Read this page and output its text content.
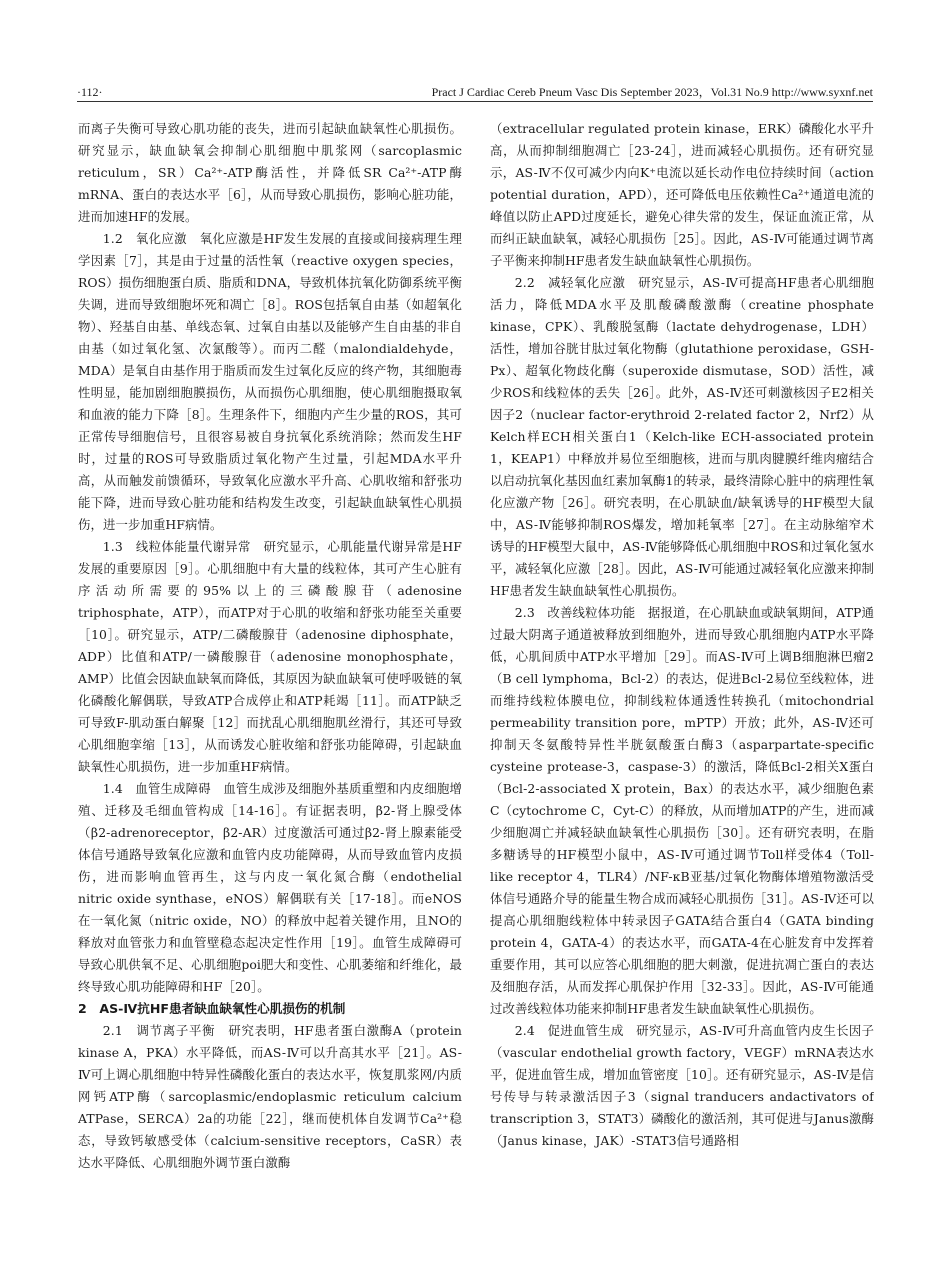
·112·	Pract J Cardiac Cereb Pneum Vasc Dis September 2023，Vol.31 No.9 http://www.syxnf.net

而离子失衡可导致心肌功能的丧失，进而引起缺血缺氧性心肌损伤。研究显示，缺血缺氧会抑制心肌细胞中肌浆网（sarcoplasmic reticulum，SR）Ca²⁺-ATP酶活性，并降低SR Ca²⁺-ATP酶mRNA、蛋白的表达水平［6］，从而导致心肌损伤，影响心脏功能，进而加速HF的发展。

1.2　氧化应激　氧化应激是HF发生发展的直接或间接病理生理学因素［7］，其是由于过量的活性氧（reactive oxygen species，ROS）损伤细胞蛋白质、脂质和DNA，导致机体抗氧化防御系统平衡失调，进而导致细胞坏死和凋亡［8］。ROS包括氧自由基（如超氧化物）、羟基自由基、单线态氧、过氧自由基以及能够产生自由基的非自由基（如过氧化氢、次氯酸等）。而丙二醛（malondialdehyde，MDA）是氧自由基作用于脂质而发生过氧化反应的终产物，其细胞毒性明显，能加剧细胞膜损伤，从而损伤心肌细胞，使心肌细胞摄取氧和血液的能力下降［8］。生理条件下，细胞内产生少量的ROS，其可正常传导细胞信号，且很容易被自身抗氧化系统消除；然而发生HF时，过量的ROS可导致脂质过氧化物产生过量，引起MDA水平升高，从而触发前馈循环，导致氧化应激水平升高、心肌收缩和舒张功能下降，进而导致心脏功能和结构发生改变，引起缺血缺氧性心肌损伤，进一步加重HF病情。

1.3　线粒体能量代谢异常　研究显示，心肌能量代谢异常是HF发展的重要原因［9］。心肌细胞中有大量的线粒体，其可产生心脏有序活动所需要的95%以上的三磷酸腺苷（adenosine triphosphate，ATP），而ATP对于心肌的收缩和舒张功能至关重要［10］。研究显示，ATP/二磷酸腺苷（adenosine diphosphate，ADP）比值和ATP/一磷酸腺苷（adenosine monophosphate，AMP）比值会因缺血缺氧而降低，其原因为缺血缺氧可使呼吸链的氧化磷酸化解偶联，导致ATP合成停止和ATP耗竭［11］。而ATP缺乏可导致F-肌动蛋白解聚［12］而扰乱心肌细胞肌丝滑行，其还可导致心肌细胞挛缩［13］，从而诱发心脏收缩和舒张功能障碍，引起缺血缺氧性心肌损伤，进一步加重HF病情。

1.4　血管生成障碍　血管生成涉及细胞外基质重塑和内皮细胞增殖、迁移及毛细血管构成［14-16］。有证据表明，β2-肾上腺受体（β2-adrenoreceptor，β2-AR）过度激活可通过β2-肾上腺素能受体信号通路导致氧化应激和血管内皮功能障碍，从而导致血管内皮损伤，进而影响血管再生，这与内皮一氧化氮合酶（endothelial nitric oxide synthase，eNOS）解偶联有关［17-18］。而eNOS在一氧化氮（nitric oxide，NO）的释放中起着关键作用，且NO的释放对血管张力和血管壁稳态起决定性作用［19］。血管生成障碍可导致心肌供氧不足、心肌细胞poi肥大和变性、心肌萎缩和纤维化，最终导致心肌功能障碍和HF［20］。

2　AS-Ⅳ抗HF患者缺血缺氧性心肌损伤的机制

2.1　调节离子平衡　研究表明，HF患者蛋白激酶A（protein kinase A，PKA）水平降低，而AS-Ⅳ可以升高其水平［21］。AS-Ⅳ可上调心肌细胞中特异性磷酸化蛋白的表达水平，恢复肌浆网/内质网钙ATP酶（sarcoplasmic/endoplasmic reticulum calcium ATPase，SERCA）2a的功能［22］，继而使机体自发调节Ca²⁺稳态，导致钙敏感受体（calcium-sensitive receptors，CaSR）表达水平降低、心肌细胞外调节蛋白激酶

（extracellular regulated protein kinase，ERK）磷酸化水平升高，从而抑制细胞凋亡［23-24］，进而减轻心肌损伤。还有研究显示，AS-Ⅳ不仅可减少内向K⁺电流以延长动作电位持续时间（action potential duration，APD），还可降低电压依赖性Ca²⁺通道电流的峰值以防止APD过度延长，避免心律失常的发生，保证血流正常，从而纠正缺血缺氧，减轻心肌损伤［25］。因此，AS-Ⅳ可能通过调节离子平衡来抑制HF患者发生缺血缺氧性心肌损伤。

2.2　减轻氧化应激　研究显示，AS-Ⅳ可提高HF患者心肌细胞活力，降低MDA水平及肌酸磷酸激酶（creatine phosphate kinase，CPK）、乳酸脱氢酶（lactate dehydrogenase，LDH）活性，增加谷胱甘肽过氧化物酶（glutathione peroxidase，GSH-Px）、超氧化物歧化酶（superoxide dismutase，SOD）活性，减少ROS和线粒体的丢失［26］。此外，AS-Ⅳ还可刺激核因子E2相关因子2（nuclear factor-erythroid 2-related factor 2，Nrf2）从Kelch样ECH相关蛋白1（Kelch-like ECH-associated protein 1，KEAP1）中释放并易位至细胞核，进而与肌肉腱膜纤维肉瘤结合以启动抗氧化基因血红素加氧酶1的转录，最终清除心脏中的病理性氧化应激产物［26］。研究表明，在心肌缺血/缺氧诱导的HF模型大鼠中，AS-Ⅳ能够抑制ROS爆发，增加耗氧率［27］。在主动脉缩窄术诱导的HF模型大鼠中，AS-Ⅳ能够降低心肌细胞中ROS和过氧化氢水平，减轻氧化应激［28］。因此，AS-Ⅳ可能通过减轻氧化应激来抑制HF患者发生缺血缺氧性心肌损伤。

2.3　改善线粒体功能　据报道，在心肌缺血或缺氧期间，ATP通过最大阴离子通道被释放到细胞外，进而导致心肌细胞内ATP水平降低，心肌间质中ATP水平增加［29］。而AS-Ⅳ可上调B细胞淋巴瘤2（B cell lymphoma，Bcl-2）的表达，促进Bcl-2易位至线粒体，进而维持线粒体膜电位，抑制线粒体通透性转换孔（mitochondrial permeability transition pore，mPTP）开放；此外，AS-Ⅳ还可抑制天冬氨酸特异性半胱氨酸蛋白酶3（asparpartate-specific cysteine protease-3，caspase-3）的激活，降低Bcl-2相关X蛋白（Bcl-2-associated X protein，Bax）的表达水平，减少细胞色素C（cytochrome C，Cyt-C）的释放，从而增加ATP的产生，进而减少细胞凋亡并减轻缺血缺氧性心肌损伤［30］。还有研究表明，在脂多糖诱导的HF模型小鼠中，AS-Ⅳ可通过调节Toll样受体4（Toll-like receptor 4，TLR4）/NF-κB亚基/过氧化物酶体增殖物激活受体信号通路介导的能量生物合成而减轻心肌损伤［31］。AS-Ⅳ还可以提高心肌细胞线粒体中转录因子GATA结合蛋白4（GATA binding protein 4，GATA-4）的表达水平，而GATA-4在心脏发育中发挥着重要作用，其可以应答心肌细胞的肥大刺激，促进抗凋亡蛋白的表达及细胞存活，从而发挥心肌保护作用［32-33］。因此，AS-Ⅳ可能通过改善线粒体功能来抑制HF患者发生缺血缺氧性心肌损伤。

2.4　促进血管生成　研究显示，AS-Ⅳ可升高血管内皮生长因子（vascular endothelial growth factory，VEGF）mRNA表达水平，促进血管生成，增加血管密度［10］。还有研究显示，AS-Ⅳ是信号传导与转录激活因子3（signal tranducers andactivators of transcription 3，STAT3）磷酸化的激活剂，其可促进与Janus激酶（Janus kinase，JAK）-STAT3信号通路相
